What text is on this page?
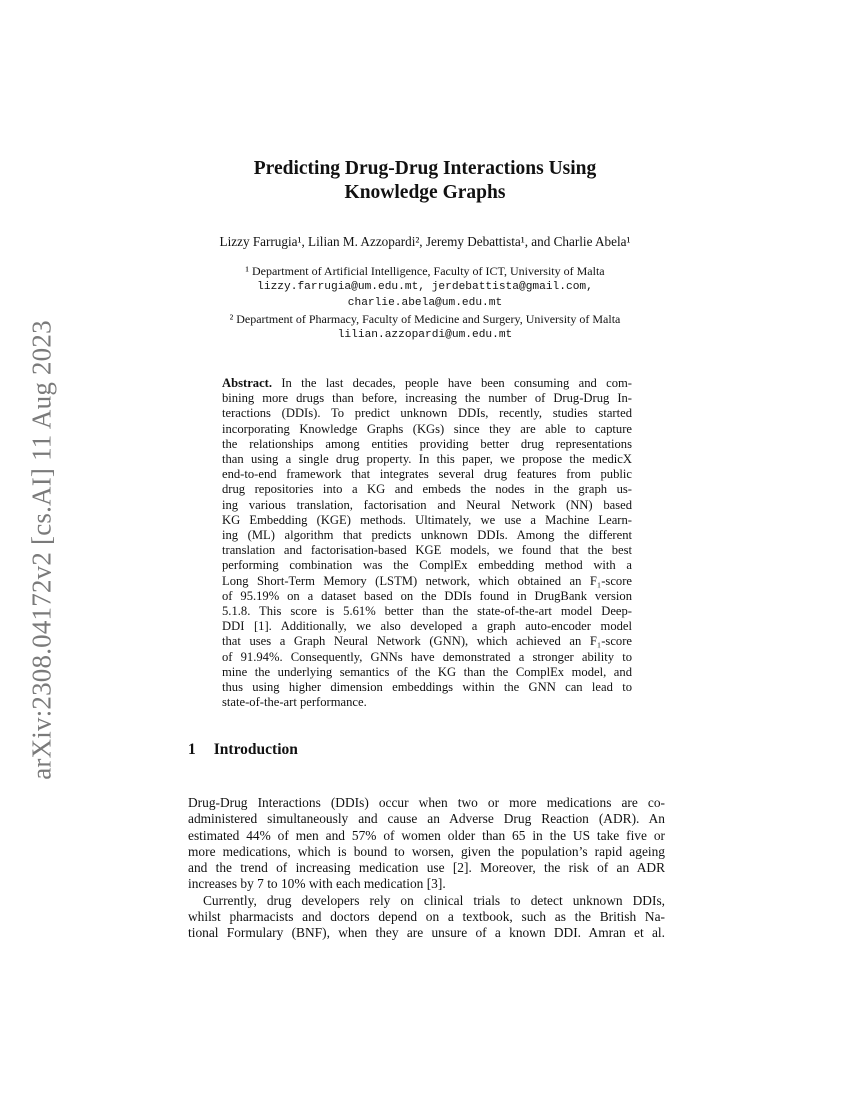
arXiv:2308.04172v2 [cs.AI] 11 Aug 2023
Predicting Drug-Drug Interactions Using
Knowledge Graphs
Lizzy Farrugia¹, Lilian M. Azzopardi², Jeremy Debattista¹, and Charlie Abela¹
¹ Department of Artificial Intelligence, Faculty of ICT, University of Malta
lizzy.farrugia@um.edu.mt, jerdebattista@gmail.com,
charlie.abela@um.edu.mt
² Department of Pharmacy, Faculty of Medicine and Surgery, University of Malta
lilian.azzopardi@um.edu.mt
Abstract. In the last decades, people have been consuming and com-
bining more drugs than before, increasing the number of Drug-Drug In-
teractions (DDIs). To predict unknown DDIs, recently, studies started
incorporating Knowledge Graphs (KGs) since they are able to capture
the relationships among entities providing better drug representations
than using a single drug property. In this paper, we propose the medicX
end-to-end framework that integrates several drug features from public
drug repositories into a KG and embeds the nodes in the graph us-
ing various translation, factorisation and Neural Network (NN) based
KG Embedding (KGE) methods. Ultimately, we use a Machine Learn-
ing (ML) algorithm that predicts unknown DDIs. Among the different
translation and factorisation-based KGE models, we found that the best
performing combination was the ComplEx embedding method with a
Long Short-Term Memory (LSTM) network, which obtained an F₁-score
of 95.19% on a dataset based on the DDIs found in DrugBank version
5.1.8. This score is 5.61% better than the state-of-the-art model Deep-
DDI [1]. Additionally, we also developed a graph auto-encoder model
that uses a Graph Neural Network (GNN), which achieved an F₁-score
of 91.94%. Consequently, GNNs have demonstrated a stronger ability to
mine the underlying semantics of the KG than the ComplEx model, and
thus using higher dimension embeddings within the GNN can lead to
state-of-the-art performance.
1 Introduction
Drug-Drug Interactions (DDIs) occur when two or more medications are co-
administered simultaneously and cause an Adverse Drug Reaction (ADR). An
estimated 44% of men and 57% of women older than 65 in the US take five or
more medications, which is bound to worsen, given the population’s rapid ageing
and the trend of increasing medication use [2]. Moreover, the risk of an ADR
increases by 7 to 10% with each medication [3].
Currently, drug developers rely on clinical trials to detect unknown DDIs,
whilst pharmacists and doctors depend on a textbook, such as the British Na-
tional Formulary (BNF), when they are unsure of a known DDI. Amran et al.
